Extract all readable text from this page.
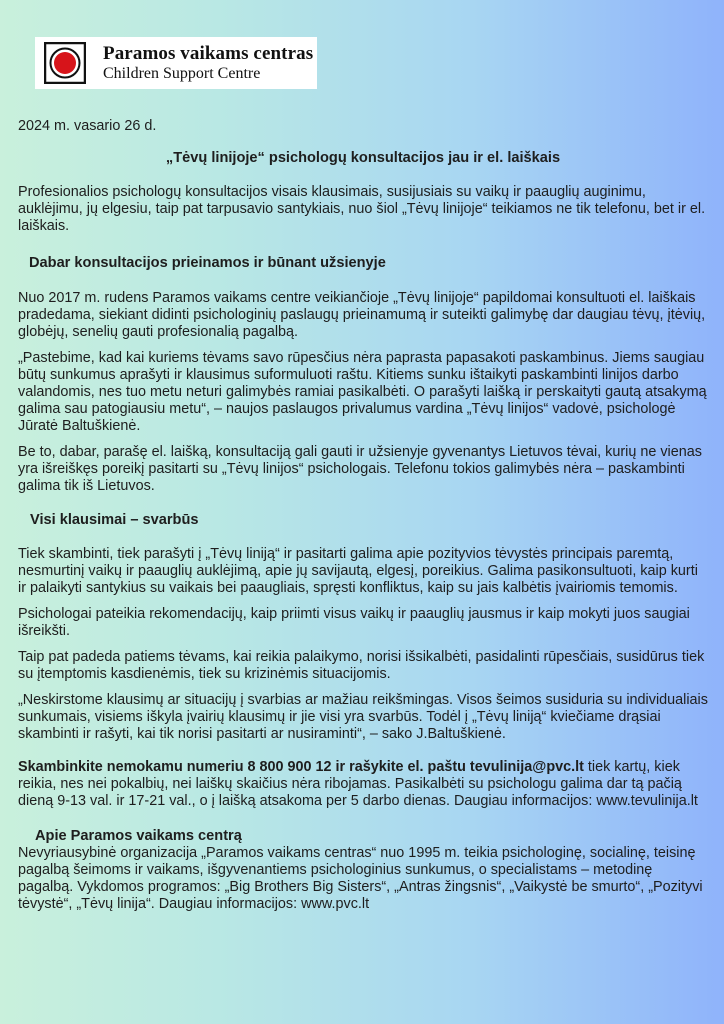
Paramos vaikams centras
Children Support Centre
2024 m. vasario 26 d.
„Tėvų linijoje“ psichologų konsultacijos jau ir el. laiškais

Profesionalios psichologų konsultacijos visais klausimais, susijusiais su vaikų ir paauglių auginimu, auklėjimu, jų elgesiu, taip pat tarpusavio santykiais, nuo šiol „Tėvų linijoje“ teikiamos ne tik telefonu, bet ir el. laiškais.

Dabar konsultacijos prieinamos ir būnant užsienyje

Nuo 2017 m. rudens Paramos vaikams centre veikiančioje „Tėvų linijoje“ papildomai konsultuoti el. laiškais pradedama, siekiant didinti psichologinių paslaugų prieinamumą ir suteikti galimybę dar daugiau tėvų, įtėvių, globėjų, senelių gauti profesionalią pagalbą.

„Pastebime, kad kai kuriems tėvams savo rūpesčius nėra paprasta papasakoti paskambinus. Jiems saugiau būtų sunkumus aprašyti ir klausimus suformuluoti raštu. Kitiems sunku ištaikyti paskambinti linijos darbo valandomis, nes tuo metu neturi galimybės ramiai pasikalbėti. O parašyti laišką ir perskaityti gautą atsakymą galima sau patogiausiu metu“, – naujos paslaugos privalumus vardina „Tėvų linijos“ vadovė, psichologė Jūratė Baltuškienė.

Be to, dabar, parašę el. laišką, konsultaciją gali gauti ir užsienyje gyvenantys Lietuvos tėvai, kurių ne vienas yra išreiškęs poreikį pasitarti su „Tėvų linijos“ psichologais. Telefonu tokios galimybės nėra – paskambinti galima tik iš Lietuvos.

Visi klausimai – svarbūs

Tiek skambinti, tiek parašyti į „Tėvų liniją“ ir pasitarti galima apie pozityvios tėvystės principais paremtą, nesmurtinį vaikų ir paauglių auklėjimą, apie jų savijautą, elgesį, poreikius. Galima pasikonsultuoti, kaip kurti ir palaikyti santykius su vaikais bei paaugliais, spręsti konfliktus, kaip su jais kalbėtis įvairiomis temomis.

Psichologai pateikia rekomendacijų, kaip priimti visus vaikų ir paauglių jausmus ir kaip mokyti juos saugiai išreikšti.

Taip pat padeda patiems tėvams, kai reikia palaikymo, norisi išsikalbėti, pasidalinti rūpesčiais, susidūrus tiek su įtemptomis kasdienėmis, tiek su krizinėmis situacijomis.

„Neskirstome klausimų ar situacijų į svarbias ar mažiau reikšmingas. Visos šeimos susiduria su individualiais sunkumais, visiems iškyla įvairių klausimų ir jie visi yra svarbūs. Todėl į „Tėvų liniją“ kviečiame drąsiai skambinti ir rašyti, kai tik norisi pasitarti ar nusiraminti“, – sako J.Baltuškienė.

Skambinkite nemokamu numeriu 8 800 900 12 ir rašykite el. paštu tevulinija@pvc.lt tiek kartų, kiek reikia, nes nei pokalbių, nei laiškų skaičius nėra ribojamas. Pasikalbėti su psichologu galima dar tą pačią dieną 9-13 val. ir 17-21 val., o į laišką atsakoma per 5 darbo dienas. Daugiau informacijos: www.tevulinija.lt

Apie Paramos vaikams centrą

Nevyriausybinė organizacija „Paramos vaikams centras“ nuo 1995 m. teikia psichologinę, socialinę, teisinę pagalbą šeimoms ir vaikams, išgyvenantiems psichologinius sunkumus, o specialistams – metodinę pagalbą. Vykdomos programos: „Big Brothers Big Sisters“, „Antras žingsnis“, „Vaikystė be smurto“, „Pozityvi tėvystė“, „Tėvų linija“. Daugiau informacijos: www.pvc.lt
